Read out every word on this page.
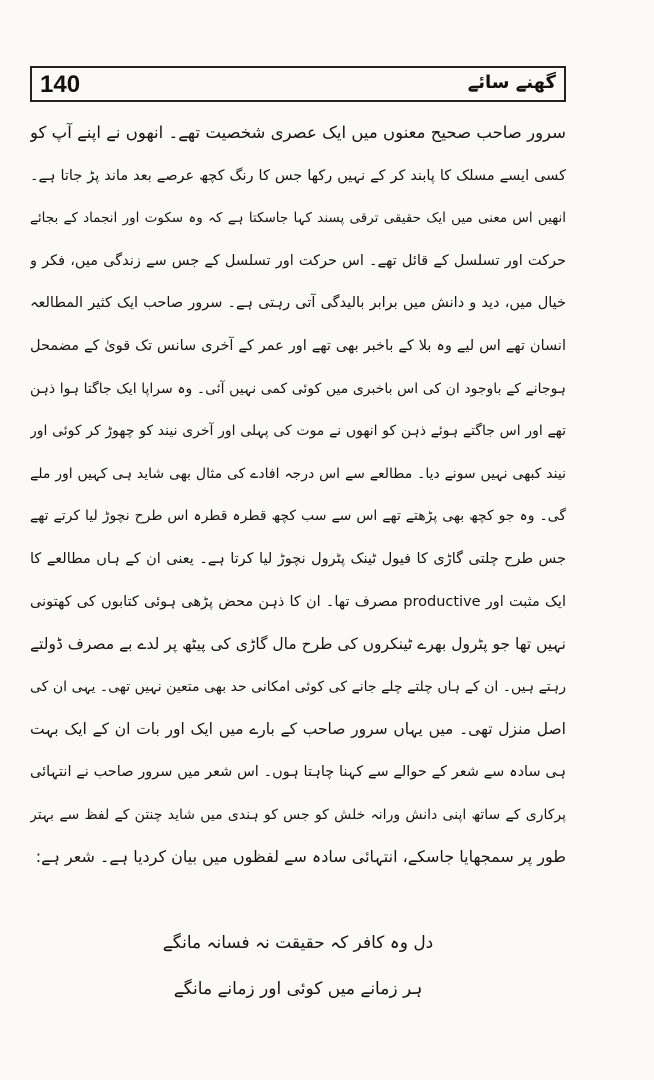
140	گھنے سائے
سرور صاحب صحیح معنوں میں ایک عصری شخصیت تھے۔ انھوں نے اپنے آپ کو
کسی ایسے مسلک کا پابند کر کے نہیں رکھا جس کا رنگ کچھ عرصے بعد ماند پڑ جاتا ہے۔
انھیں اس معنی میں ایک حقیقی ترقی پسند کہا جاسکتا ہے کہ وہ سکوت اور انجماد کے بجائے
حرکت اور تسلسل کے قائل تھے۔ اس حرکت اور تسلسل کے جس سے زندگی میں، فکر و
خیال میں، دید و دانش میں برابر بالیدگی آتی رہتی ہے۔ سرور صاحب ایک کثیر المطالعہ
انسان تھے اس لیے وہ بلا کے باخبر بھی تھے اور عمر کے آخری سانس تک قویٰ کے مضمحل
ہوجانے کے باوجود ان کی اس باخبری میں کوئی کمی نہیں آئی۔ وہ سراپا ایک جاگتا ہوا ذہن
تھے اور اس جاگتے ہوئے ذہن کو انھوں نے موت کی پہلی اور آخری نیند کو چھوڑ کر کوئی اور
نیند کبھی نہیں سونے دیا۔ مطالعے سے اس درجہ افادے کی مثال بھی شاید ہی کہیں اور ملے
گی۔ وہ جو کچھ بھی پڑھتے تھے اس سے سب کچھ قطرہ قطرہ اس طرح نچوڑ لیا کرتے تھے
جس طرح چلتی گاڑی کا فیول ٹینک پٹرول نچوڑ لیا کرتا ہے۔ یعنی ان کے ہاں مطالعے کا
ایک مثبت اور productive مصرف تھا۔ ان کا ذہن محض پڑھی ہوئی کتابوں کی کھتونی
نہیں تھا جو پٹرول بھرے ٹینکروں کی طرح مال گاڑی کی پیٹھ پر لدے بے مصرف ڈولتے
رہتے ہیں۔ ان کے ہاں چلتے چلے جانے کی کوئی امکانی حد بھی متعین نہیں تھی۔ یہی ان کی
اصل منزل تھی۔ میں یہاں سرور صاحب کے بارے میں ایک اور بات ان کے ایک بہت
ہی سادہ سے شعر کے حوالے سے کہنا چاہتا ہوں۔ اس شعر میں سرور صاحب نے انتہائی
پرکاری کے ساتھ اپنی دانش ورانہ خلش کو جس کو ہندی میں شاید چنتن کے لفظ سے بہتر
طور پر سمجھایا جاسکے، انتہائی سادہ سے لفظوں میں بیان کردیا ہے۔ شعر ہے:
دل وہ کافر کہ حقیقت نہ فسانہ مانگے
ہر زمانے میں کوئی اور زمانے مانگے
